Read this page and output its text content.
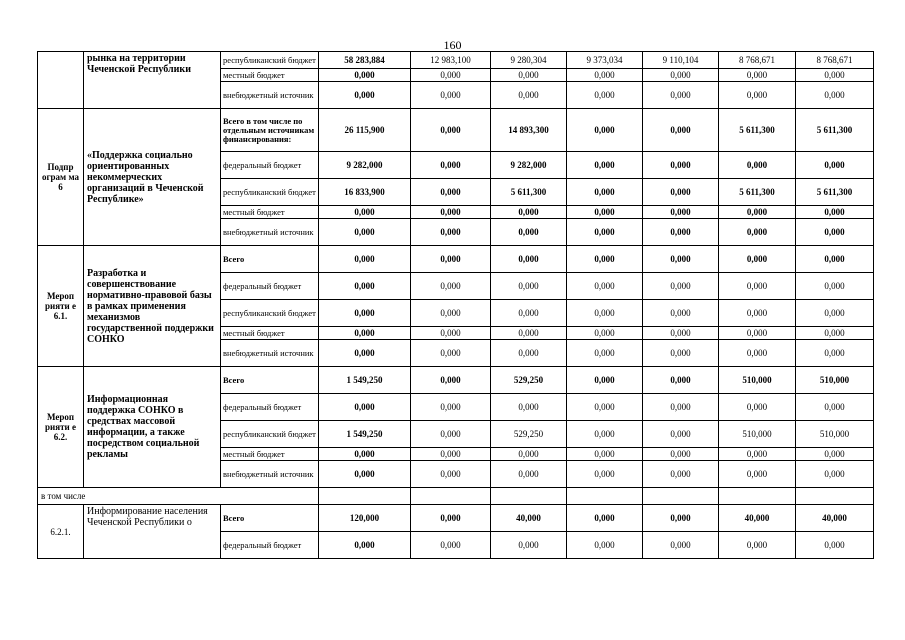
160
	рынка на территории Чеченской Республики	республиканский бюджет	58 283,884	12 983,100	9 280,304	9 373,034	9 110,104	8 768,671	8 768,671
		местный бюджет	0,000	0,000	0,000	0,000	0,000	0,000	0,000
		внебюджетный источник	0,000	0,000	0,000	0,000	0,000	0,000	0,000
Подпр ограм ма 6	«Поддержка социально ориентированных некоммерческих организаций в Чеченской Республике»	Всего в том числе по отдельным источникам финансирования:	26 115,900	0,000	14 893,300	0,000	0,000	5 611,300	5 611,300
		федеральный бюджет	9 282,000	0,000	9 282,000	0,000	0,000	0,000	0,000
		республиканский бюджет	16 833,900	0,000	5 611,300	0,000	0,000	5 611,300	5 611,300
		местный бюджет	0,000	0,000	0,000	0,000	0,000	0,000	0,000
		внебюджетный источник	0,000	0,000	0,000	0,000	0,000	0,000	0,000
Мероп рияти е 6.1.	Разработка и совершенствование нормативно-правовой базы в рамках применения механизмов государственной поддержки СОНКО	Всего	0,000	0,000	0,000	0,000	0,000	0,000	0,000
		федеральный бюджет	0,000	0,000	0,000	0,000	0,000	0,000	0,000
		республиканский бюджет	0,000	0,000	0,000	0,000	0,000	0,000	0,000
		местный бюджет	0,000	0,000	0,000	0,000	0,000	0,000	0,000
		внебюджетный источник	0,000	0,000	0,000	0,000	0,000	0,000	0,000
Мероп рияти е 6.2.	Информационная поддержка СОНКО в средствах массовой информации, а также посредством социальной рекламы	Всего	1 549,250	0,000	529,250	0,000	0,000	510,000	510,000
		федеральный бюджет	0,000	0,000	0,000	0,000	0,000	0,000	0,000
		республиканский бюджет	1 549,250	0,000	529,250	0,000	0,000	510,000	510,000
		местный бюджет	0,000	0,000	0,000	0,000	0,000	0,000	0,000
		внебюджетный источник	0,000	0,000	0,000	0,000	0,000	0,000	0,000
в том числе									
6.2.1.	Информирование населения Чеченской Республики о	Всего	120,000	0,000	40,000	0,000	0,000	40,000	40,000
		федеральный бюджет	0,000	0,000	0,000	0,000	0,000	0,000	0,000
